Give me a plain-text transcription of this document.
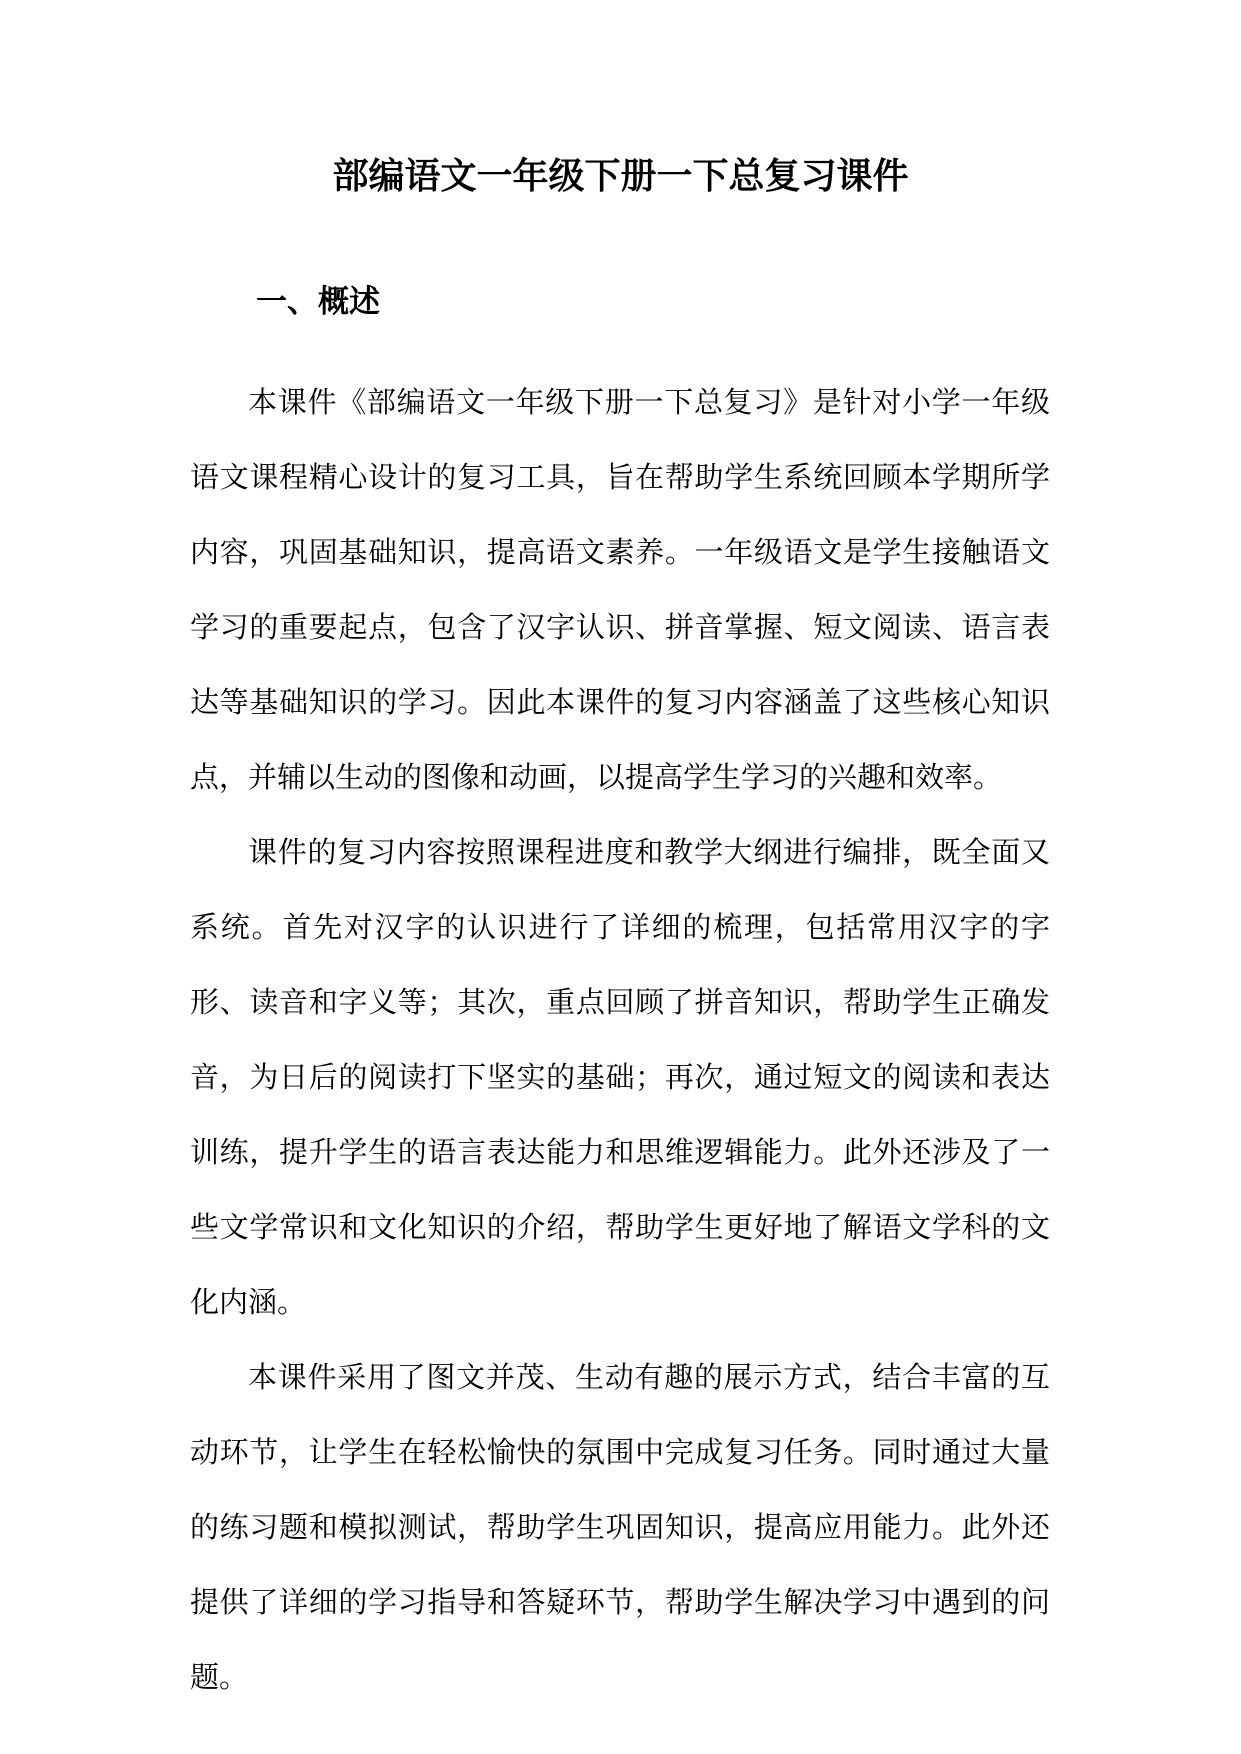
部编语文一年级下册一下总复习课件
一、概述

本课件《部编语文一年级下册一下总复习》是针对小学一年级语文课程精心设计的复习工具，旨在帮助学生系统回顾本学期所学内容，巩固基础知识，提高语文素养。一年级语文是学生接触语文学习的重要起点，包含了汉字认识、拼音掌握、短文阅读、语言表达等基础知识的学习。因此本课件的复习内容涵盖了这些核心知识点，并辅以生动的图像和动画，以提高学生学习的兴趣和效率。

课件的复习内容按照课程进度和教学大纲进行编排，既全面又系统。首先对汉字的认识进行了详细的梳理，包括常用汉字的字形、读音和字义等；其次，重点回顾了拼音知识，帮助学生正确发音，为日后的阅读打下坚实的基础；再次，通过短文的阅读和表达训练，提升学生的语言表达能力和思维逻辑能力。此外还涉及了一些文学常识和文化知识的介绍，帮助学生更好地了解语文学科的文化内涵。

本课件采用了图文并茂、生动有趣的展示方式，结合丰富的互动环节，让学生在轻松愉快的氛围中完成复习任务。同时通过大量的练习题和模拟测试，帮助学生巩固知识，提高应用能力。此外还提供了详细的学习指导和答疑环节，帮助学生解决学习中遇到的问题。
